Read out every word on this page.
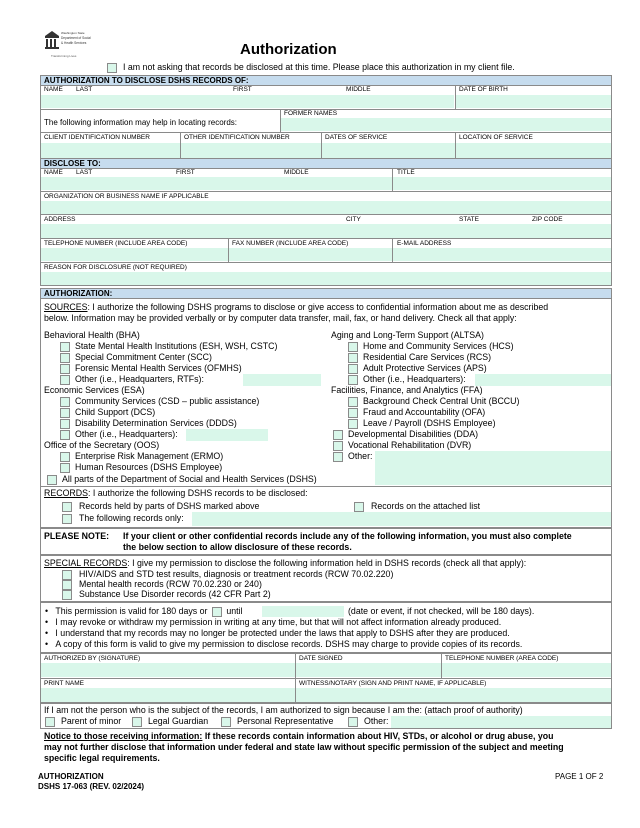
Washington State
Department of Social
& Health Services
Transforming Lives	Authorization
I am not asking that records be disclosed at this time. Please place this authorization in my client file.
AUTHORIZATION TO DISCLOSE DSHS RECORDS OF:
NAME LAST	FIRST	MIDDLE	DATE OF BIRTH
The following information may help in locating records:
FORMER NAMES
CLIENT IDENTIFICATION NUMBER	OTHER IDENTIFICATION NUMBER	DATES OF SERVICE	LOCATION OF SERVICE
DISCLOSE TO:
NAME LAST	FIRST	MIDDLE	TITLE
ORGANIZATION OR BUSINESS NAME IF APPLICABLE
ADDRESS	CITY	STATE	ZIP CODE
TELEPHONE NUMBER (INCLUDE AREA CODE)	FAX NUMBER (INCLUDE AREA CODE)	E-MAIL ADDRESS
REASON FOR DISCLOSURE (NOT REQUIRED)
AUTHORIZATION:
SOURCES: I authorize the following DSHS programs to disclose or give access to confidential information about me as described
below. Information may be provided verbally or by computer data transfer, mail, fax, or hand delivery. Check all that apply:
Behavioral Health (BHA)
State Mental Health Institutions (ESH, WSH, CSTC)
Special Commitment Center (SCC)
Forensic Mental Health Services (OFMHS)
Other (i.e., Headquarters, RTFs):
Economic Services (ESA)
Community Services (CSD – public assistance)
Child Support (DCS)
Disability Determination Services (DDDS)
Other (i.e., Headquarters):
Office of the Secretary (OOS)
Enterprise Risk Management (ERMO)
Human Resources (DSHS Employee)
All parts of the Department of Social and Health Services (DSHS)
Aging and Long-Term Support (ALTSA)
Home and Community Services (HCS)
Residential Care Services (RCS)
Adult Protective Services (APS)
Other (i.e., Headquarters):
Facilities, Finance, and Analytics (FFA)
Background Check Central Unit (BCCU)
Fraud and Accountability (OFA)
Leave / Payroll (DSHS Employee)
Developmental Disabilities (DDA)
Vocational Rehabilitation (DVR)
Other:
RECORDS: I authorize the following DSHS records to be disclosed:
Records held by parts of DSHS marked above	Records on the attached list
The following records only:
PLEASE NOTE: If your client or other confidential records include any of the following information, you must also complete
the below section to allow disclosure of these records.
SPECIAL RECORDS: I give my permission to disclose the following information held in DSHS records (check all that apply):
HIV/AIDS and STD test results, diagnosis or treatment records (RCW 70.02.220)
Mental health records (RCW 70.02.230 or 240)
Substance Use Disorder records (42 CFR Part 2)
•   This permission is valid for 180 days or until	(date or event, if not checked, will be 180 days).
•   I may revoke or withdraw my permission in writing at any time, but that will not affect information already produced.
•   I understand that my records may no longer be protected under the laws that apply to DSHS after they are produced.
•   A copy of this form is valid to give my permission to disclose records. DSHS may charge to provide copies of its records.
AUTHORIZED BY (SIGNATURE)	DATE SIGNED	TELEPHONE NUMBER (AREA CODE)
PRINT NAME	WITNESS/NOTARY (SIGN AND PRINT NAME, IF APPLICABLE)
If I am not the person who is the subject of the records, I am authorized to sign because I am the: (attach proof of authority)
Parent of minor	Legal Guardian	Personal Representative	Other:
Notice to those receiving information: If these records contain information about HIV, STDs, or alcohol or drug abuse, you
may not further disclose that information under federal and state law without specific permission of the subject and meeting
specific legal requirements.
AUTHORIZATION
DSHS 17-063 (REV. 02/2024)
PAGE 1 OF 2
